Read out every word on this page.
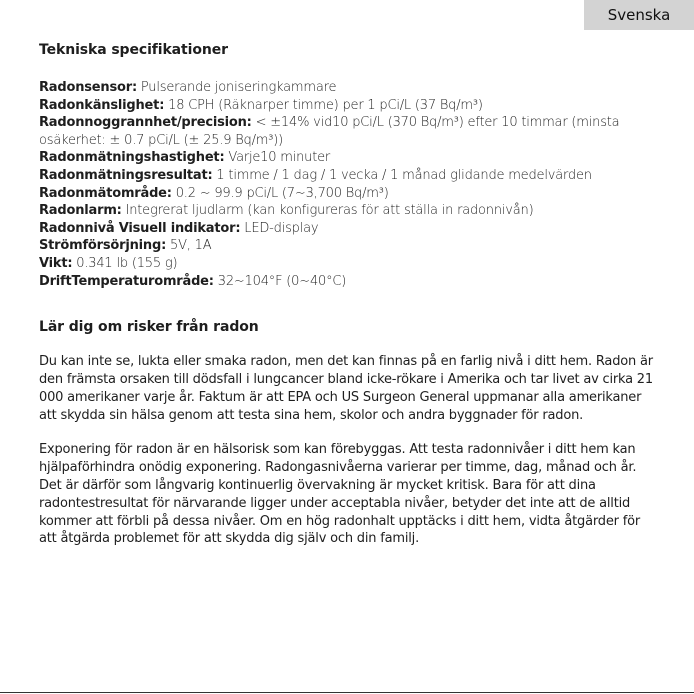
Svenska
Tekniska specifikationer

Radonsensor: Pulserande joniseringkammare

Radonkänslighet: 18 CPH (Räknarper timme) per 1 pCi/L (37 Bq/m³)

Radonnoggrannhet/precision: < ±14% vid10 pCi/L (370 Bq/m³) efter 10 timmar (minsta osäkerhet: ± 0.7 pCi/L (± 25.9 Bq/m³))

Radonmätningshastighet: Varje10 minuter

Radonmätningsresultat: 1 timme / 1 dag / 1 vecka / 1 månad glidande medelvärden

Radonmätområde: 0.2 ~ 99.9 pCi/L (7~3,700 Bq/m³)

Radonlarm: Integrerat ljudlarm (kan konfigureras för att ställa in radonnivån)

Radonnivå Visuell indikator: LED-display

Strömförsörjning: 5V, 1A

Vikt: 0.341 lb (155 g)

DriftTemperaturområde: 32~104°F (0~40°C)

Lär dig om risker från radon

Du kan inte se, lukta eller smaka radon, men det kan finnas på en farlig nivå i ditt hem. Radon är den främsta orsaken till dödsfall i lungcancer bland icke-rökare i Amerika och tar livet av cirka 21 000 amerikaner varje år. Faktum är att EPA och US Surgeon General uppmanar alla amerikaner att skydda sin hälsa genom att testa sina hem, skolor och andra byggnader för radon.

Exponering för radon är en hälsorisk som kan förebyggas. Att testa radonnivåer i ditt hem kan hjälpaförhindra onödig exponering. Radongasnivåerna varierar per timme, dag, månad och år. Det är därför som långvarig kontinuerlig övervakning är mycket kritisk. Bara för att dina radontestresultat för närvarande ligger under acceptabla nivåer, betyder det inte att de alltid kommer att förbli på dessa nivåer. Om en hög radonhalt upptäcks i ditt hem, vidta åtgärder för att åtgärda problemet för att skydda dig själv och din familj.
